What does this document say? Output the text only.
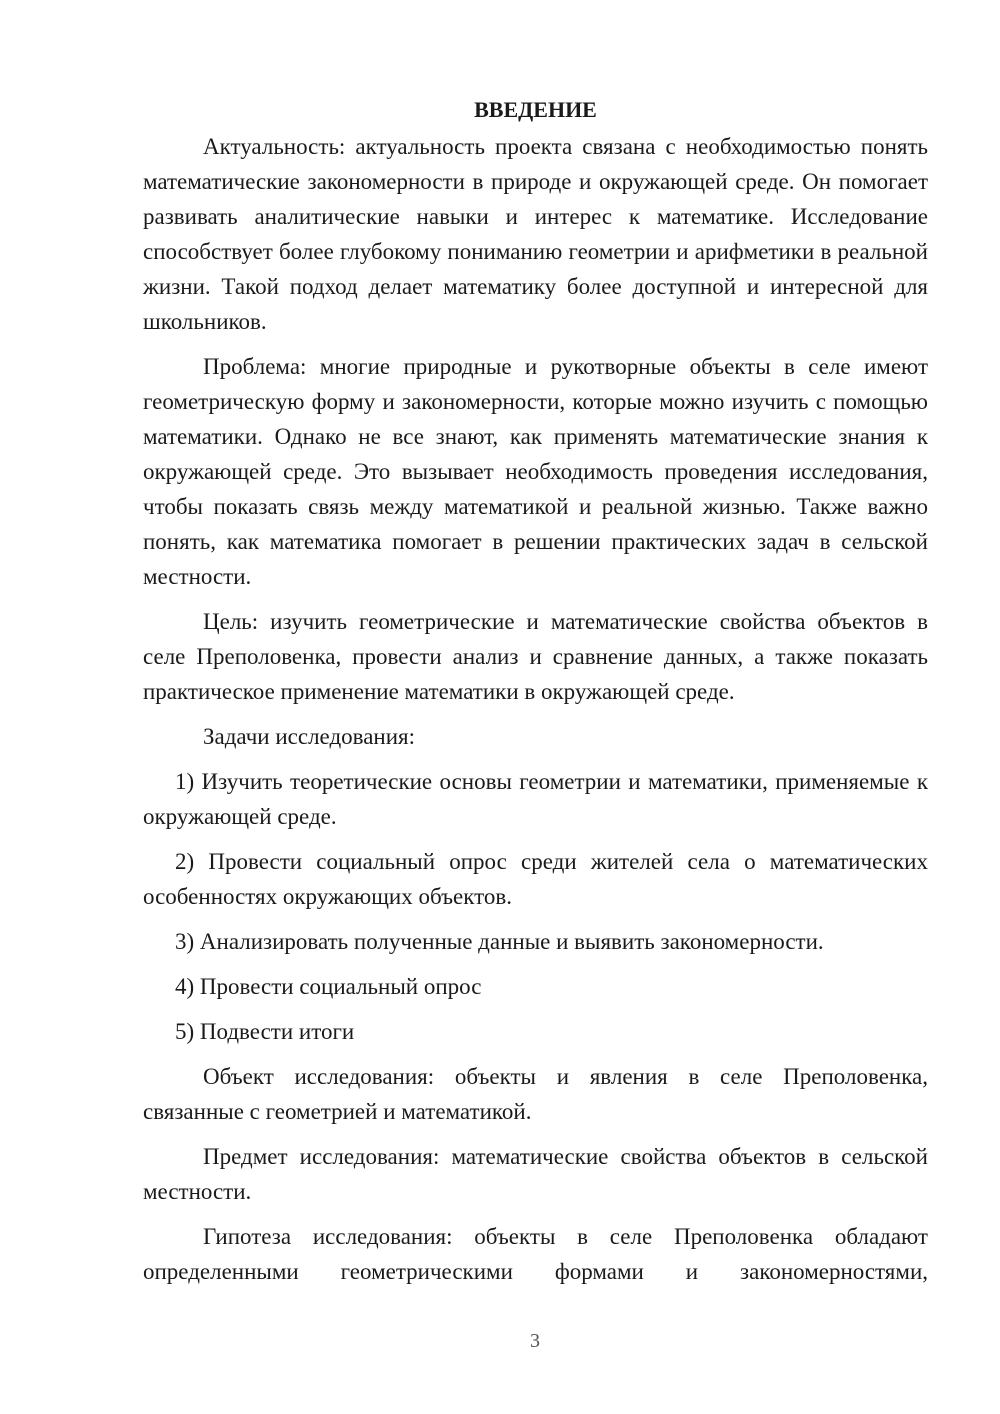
ВВЕДЕНИЕ

Актуальность: актуальность проекта связана с необходимостью понять математические закономерности в природе и окружающей среде. Он помогает развивать аналитические навыки и интерес к математике. Исследование способствует более глубокому пониманию геометрии и арифметики в реальной жизни. Такой подход делает математику более доступной и интересной для школьников.

Проблема: многие природные и рукотворные объекты в селе имеют геометрическую форму и закономерности, которые можно изучить с помощью математики. Однако не все знают, как применять математические знания к окружающей среде. Это вызывает необходимость проведения исследования, чтобы показать связь между математикой и реальной жизнью. Также важно понять, как математика помогает в решении практических задач в сельской местности.

Цель: изучить геометрические и математические свойства объектов в селе Преполовенка, провести анализ и сравнение данных, а также показать практическое применение математики в окружающей среде.

Задачи исследования:

1) Изучить теоретические основы геометрии и математики, применяемые к окружающей среде.

2) Провести социальный опрос среди жителей села о математических особенностях окружающих объектов.

3) Анализировать полученные данные и выявить закономерности.

4) Провести социальный опрос

5) Подвести итоги

Объект исследования: объекты и явления в селе Преполовенка, связанные с геометрией и математикой.

Предмет исследования: математические свойства объектов в сельской местности.

Гипотеза исследования: объекты в селе Преполовенка обладают определенными геометрическими формами и закономерностями,

3
